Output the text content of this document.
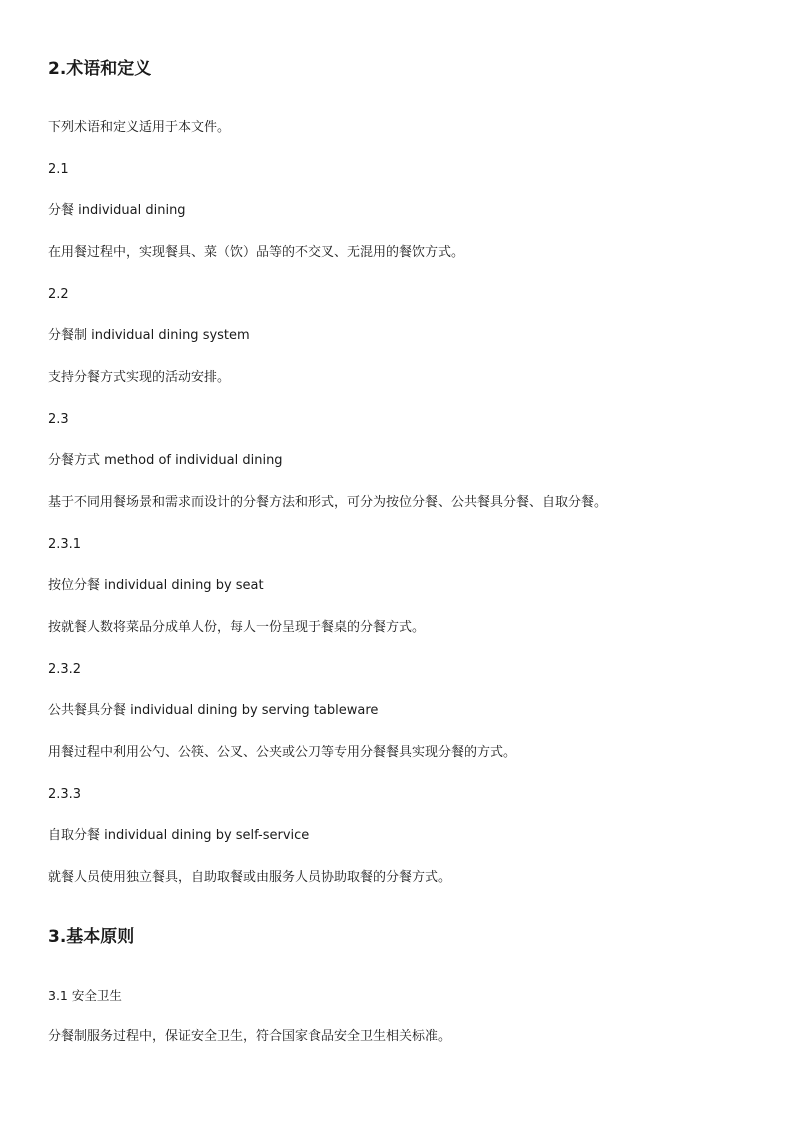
2.术语和定义
下列术语和定义适用于本文件。
2.1
分餐 individual dining
在用餐过程中，实现餐具、菜（饮）品等的不交叉、无混用的餐饮方式。
2.2
分餐制 individual dining system
支持分餐方式实现的活动安排。
2.3
分餐方式 method of individual dining
基于不同用餐场景和需求而设计的分餐方法和形式，可分为按位分餐、公共餐具分餐、自取分餐。
2.3.1
按位分餐 individual dining by seat
按就餐人数将菜品分成单人份，每人一份呈现于餐桌的分餐方式。
2.3.2
公共餐具分餐 individual dining by serving tableware
用餐过程中利用公勺、公筷、公叉、公夹或公刀等专用分餐餐具实现分餐的方式。
2.3.3
自取分餐 individual dining by self-service
就餐人员使用独立餐具，自助取餐或由服务人员协助取餐的分餐方式。
3.基本原则
3.1 安全卫生
分餐制服务过程中，保证安全卫生，符合国家食品安全卫生相关标准。
